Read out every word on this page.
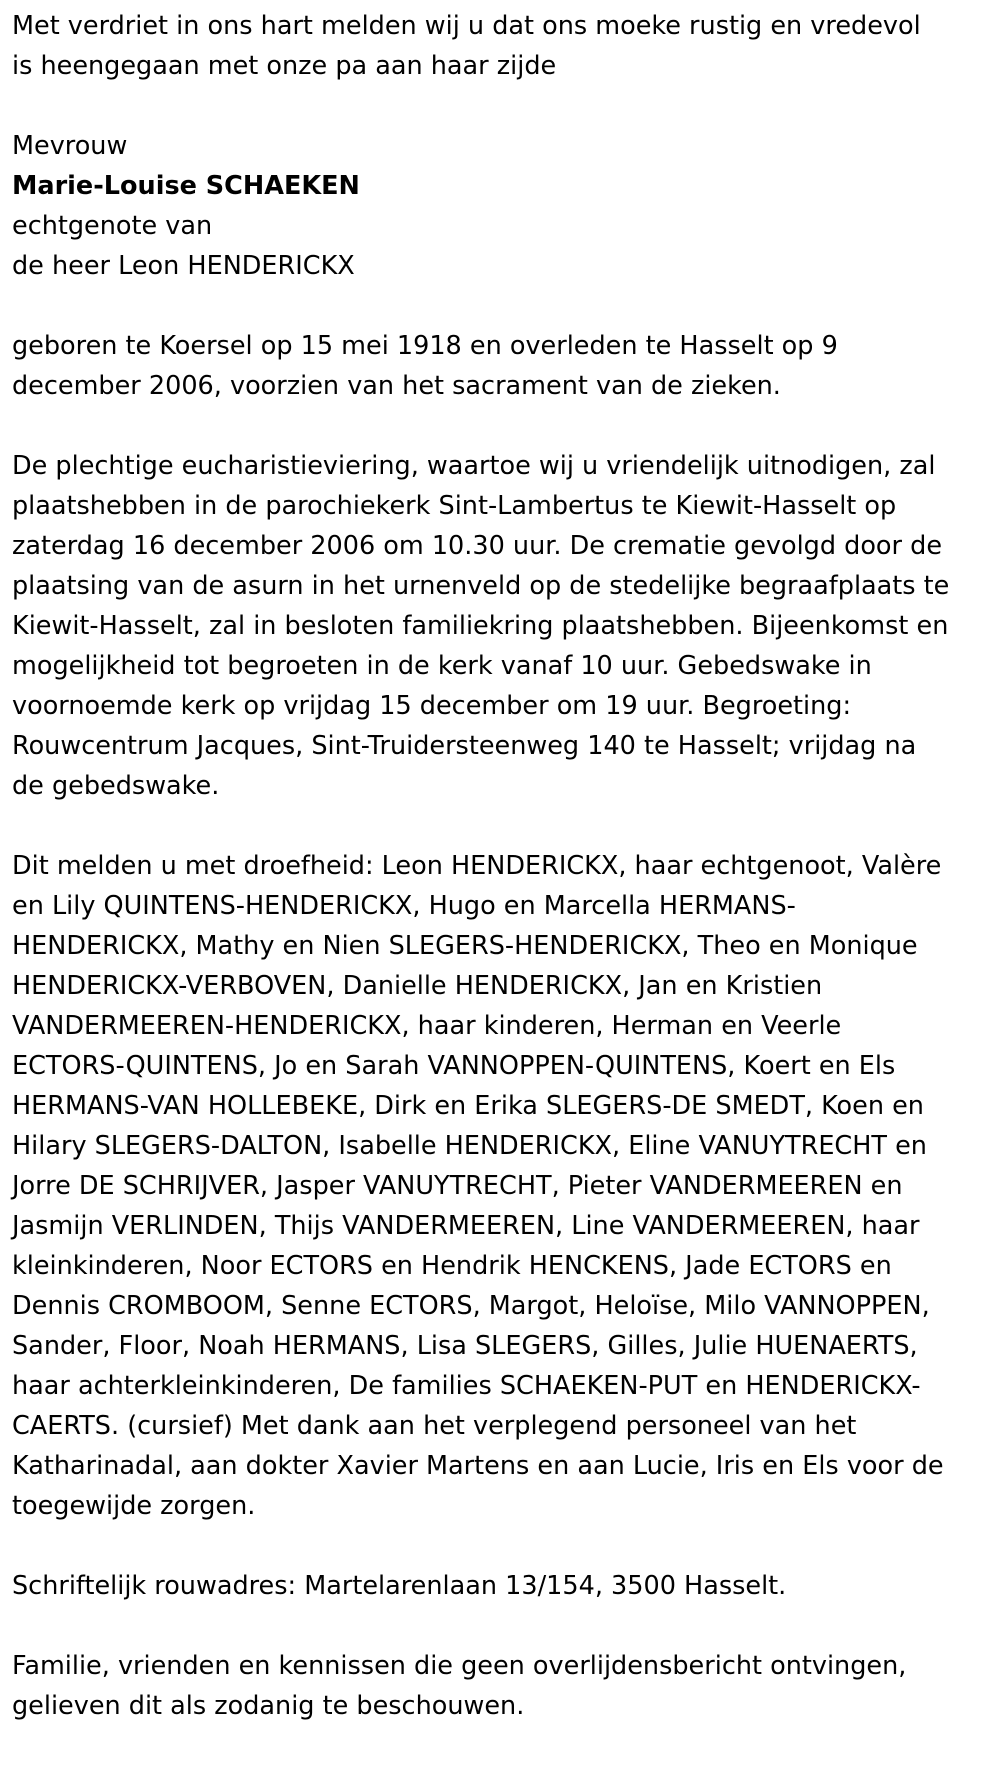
Met verdriet in ons hart melden wij u dat ons moeke rustig en vredevol
is heengegaan met onze pa aan haar zijde

Mevrouw

Marie-Louise SCHAEKEN

echtgenote van

de heer Leon HENDERICKX

geboren te Koersel op 15 mei 1918 en overleden te Hasselt op 9
december 2006, voorzien van het sacrament van de zieken.

De plechtige eucharistieviering, waartoe wij u vriendelijk uitnodigen, zal
plaatshebben in de parochiekerk Sint-Lambertus te Kiewit-Hasselt op
zaterdag 16 december 2006 om 10.30 uur. De crematie gevolgd door de
plaatsing van de asurn in het urnenveld op de stedelijke begraafplaats te
Kiewit-Hasselt, zal in besloten familiekring plaatshebben. Bijeenkomst en
mogelijkheid tot begroeten in de kerk vanaf 10 uur. Gebedswake in
voornoemde kerk op vrijdag 15 december om 19 uur. Begroeting:
Rouwcentrum Jacques, Sint-Truidersteenweg 140 te Hasselt; vrijdag na
de gebedswake.

Dit melden u met droefheid: Leon HENDERICKX, haar echtgenoot, Valère
en Lily QUINTENS-HENDERICKX, Hugo en Marcella HERMANS-
HENDERICKX, Mathy en Nien SLEGERS-HENDERICKX, Theo en Monique
HENDERICKX-VERBOVEN, Danielle HENDERICKX, Jan en Kristien
VANDERMEEREN-HENDERICKX, haar kinderen, Herman en Veerle
ECTORS-QUINTENS, Jo en Sarah VANNOPPEN-QUINTENS, Koert en Els
HERMANS-VAN HOLLEBEKE, Dirk en Erika SLEGERS-DE SMEDT, Koen en
Hilary SLEGERS-DALTON, Isabelle HENDERICKX, Eline VANUYTRECHT en
Jorre DE SCHRIJVER, Jasper VANUYTRECHT, Pieter VANDERMEEREN en
Jasmijn VERLINDEN, Thijs VANDERMEEREN, Line VANDERMEEREN, haar
kleinkinderen, Noor ECTORS en Hendrik HENCKENS, Jade ECTORS en
Dennis CROMBOOM, Senne ECTORS, Margot, Heloïse, Milo VANNOPPEN,
Sander, Floor, Noah HERMANS, Lisa SLEGERS, Gilles, Julie HUENAERTS,
haar achterkleinkinderen, De families SCHAEKEN-PUT en HENDERICKX-
CAERTS. (cursief) Met dank aan het verplegend personeel van het
Katharinadal, aan dokter Xavier Martens en aan Lucie, Iris en Els voor de
toegewijde zorgen.

Schriftelijk rouwadres: Martelarenlaan 13/154, 3500 Hasselt.

Familie, vrienden en kennissen die geen overlijdensbericht ontvingen,
gelieven dit als zodanig te beschouwen.
